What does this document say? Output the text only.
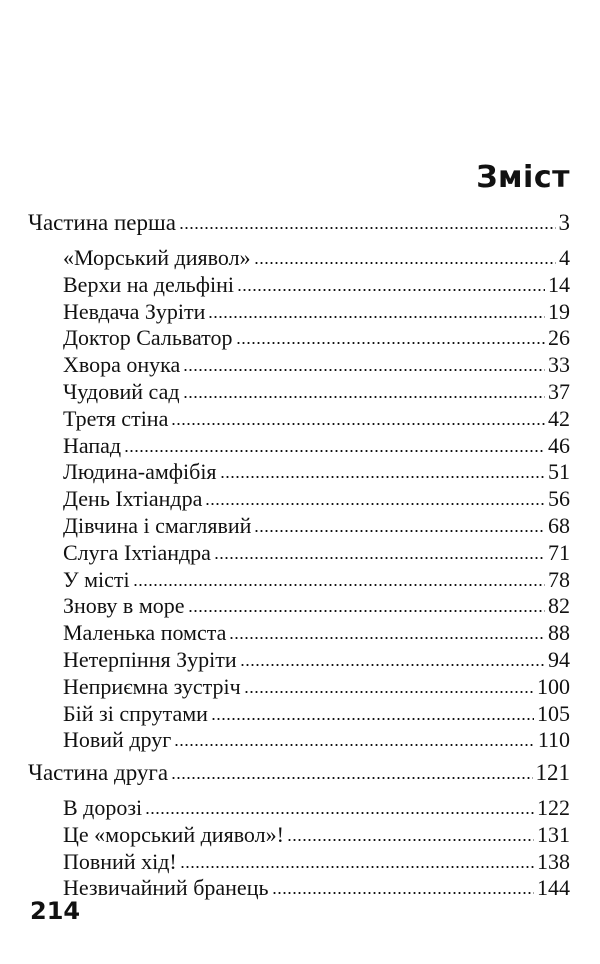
Зміст
Частина перша	3
«Морський диявол»	4
Верхи на дельфіні	14
Невдача Зуріти	19
Доктор Сальватор	26
Хвора онука	33
Чудовий сад	37
Третя стіна	42
Напад	46
Людина-амфібія	51
День Іхтіандра	56
Дівчина і смаглявий	68
Слуга Іхтіандра	71
У місті	78
Знову в море	82
Маленька помста	88
Нетерпіння Зуріти	94
Неприємна зустріч	100
Бій зі спрутами	105
Новий друг	110
Частина друга	121
В дорозі	122
Це «морський диявол»!	131
Повний хід!	138
Незвичайний бранець	144
214
